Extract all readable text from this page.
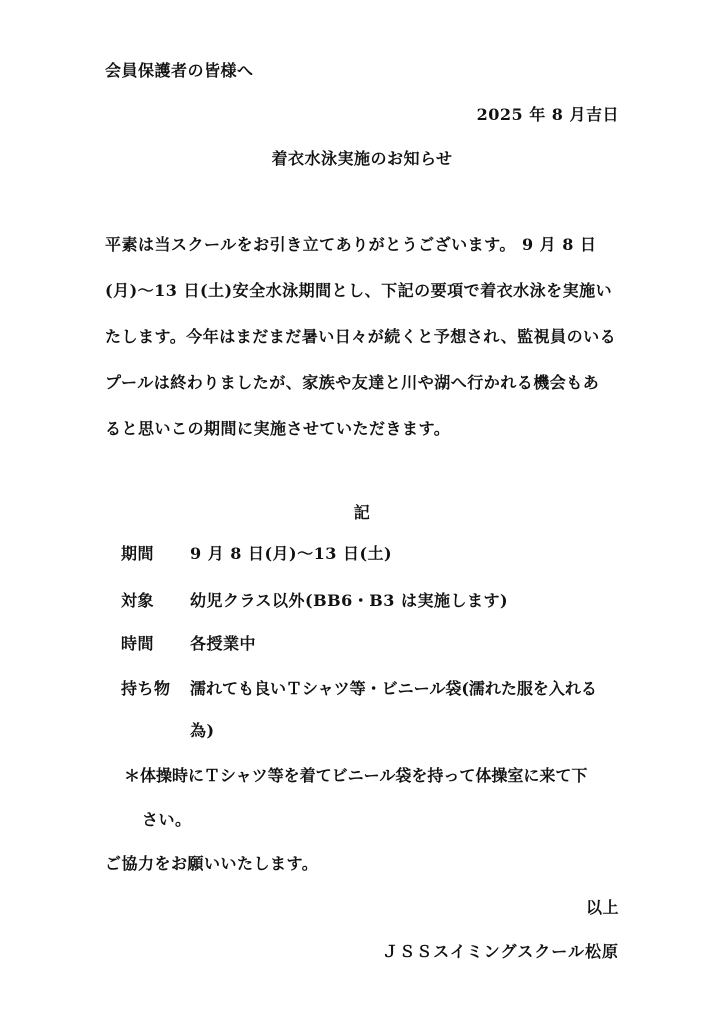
会員保護者の皆様へ
2025 年 8 月吉日
着衣水泳実施のお知らせ
平素は当スクールをお引き立てありがとうございます。 9 月 8 日
(月)～13 日(土)安全水泳期間とし、下記の要項で着衣水泳を実施い
たします。今年はまだまだ暑い日々が続くと予想され、監視員のいる
プールは終わりましたが、家族や友達と川や湖へ行かれる機会もあ
ると思いこの期間に実施させていただきます。
記
期間 9 月 8 日(月)～13 日(土)
対象 幼児クラス以外(BB6・B3 は実施します)
時間 各授業中
持ち物 濡れても良いＴシャツ等・ビニール袋(濡れた服を入れる
為)
＊体操時にＴシャツ等を着てビニール袋を持って体操室に来て下
さい。
ご協力をお願いいたします。
以上
ＪＳＳスイミングスクール松原
